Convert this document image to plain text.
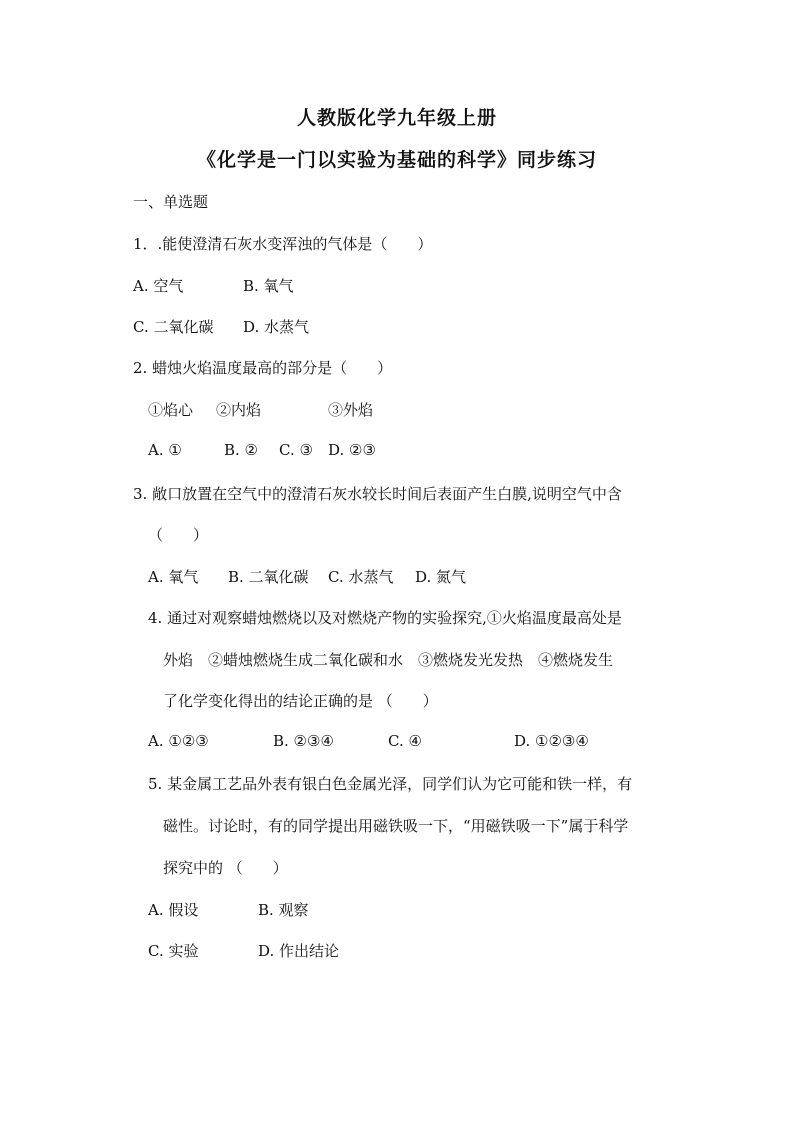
人教版化学九年级上册
《化学是一门以实验为基础的科学》同步练习
一、单选题
1．.能使澄清石灰水变浑浊的气体是（　　）
A. 空气	B. 氧气
C. 二氧化碳 D. 水蒸气
2. 蜡烛火焰温度最高的部分是（　　）
①焰心 ②内焰	③外焰
A. ①	B. ② C. ③ D. ②③
3. 敞口放置在空气中的澄清石灰水较长时间后表面产生白膜,说明空气中含
（　　）
A. 氧气 B. 二氧化碳 C. 水蒸气 D. 氮气
4. 通过对观察蜡烛燃烧以及对燃烧产物的实验探究,①火焰温度最高处是
外焰　②蜡烛燃烧生成二氧化碳和水　③燃烧发光发热　④燃烧发生
了化学变化得出的结论正确的是 （　　）
A. ①②③	B. ②③④	C. ④	D. ①②③④
5. 某金属工艺品外表有银白色金属光泽，同学们认为它可能和铁一样，有
磁性。讨论时，有的同学提出用磁铁吸一下，“用磁铁吸一下”属于科学
探究中的 （　　）
A. 假设	B. 观察
C. 实验	D. 作出结论
